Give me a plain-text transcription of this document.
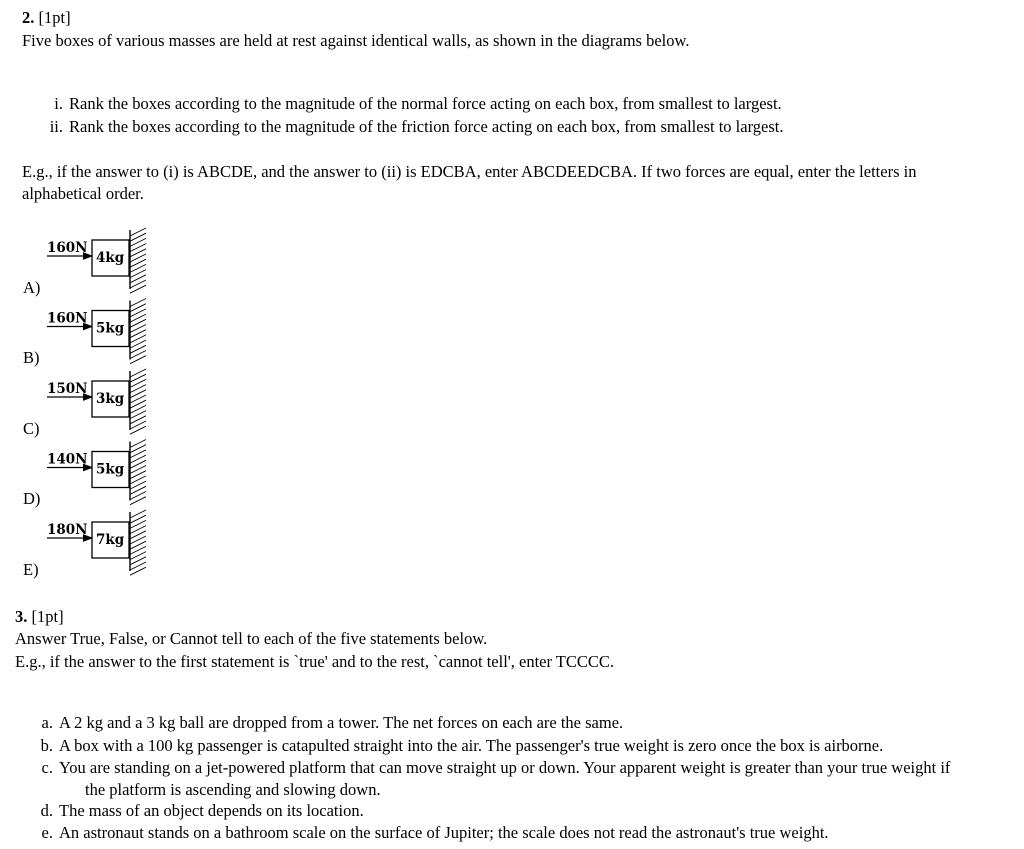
2. [1pt]
Five boxes of various masses are held at rest against identical walls, as shown in the diagrams below.
i. Rank the boxes according to the magnitude of the normal force acting on each box, from smallest to largest.
ii. Rank the boxes according to the magnitude of the friction force acting on each box, from smallest to largest.
E.g., if the answer to (i) is ABCDE, and the answer to (ii) is EDCBA, enter ABCDEEDCBA. If two forces are equal, enter the letters in
alphabetical order.
160N
4kg
160N
5kg
150N
3kg
140N
5kg
180N
7kg
A)
B)
C)
D)
E)
3. [1pt]
Answer True, False, or Cannot tell to each of the five statements below.
E.g., if the answer to the first statement is `true' and to the rest, `cannot tell', enter TCCCC.
a. A 2 kg and a 3 kg ball are dropped from a tower. The net forces on each are the same.
b. A box with a 100 kg passenger is catapulted straight into the air. The passenger's true weight is zero once the box is airborne.
c. You are standing on a jet-powered platform that can move straight up or down. Your apparent weight is greater than your true weight if
the platform is ascending and slowing down.
d. The mass of an object depends on its location.
e. An astronaut stands on a bathroom scale on the surface of Jupiter; the scale does not read the astronaut's true weight.
